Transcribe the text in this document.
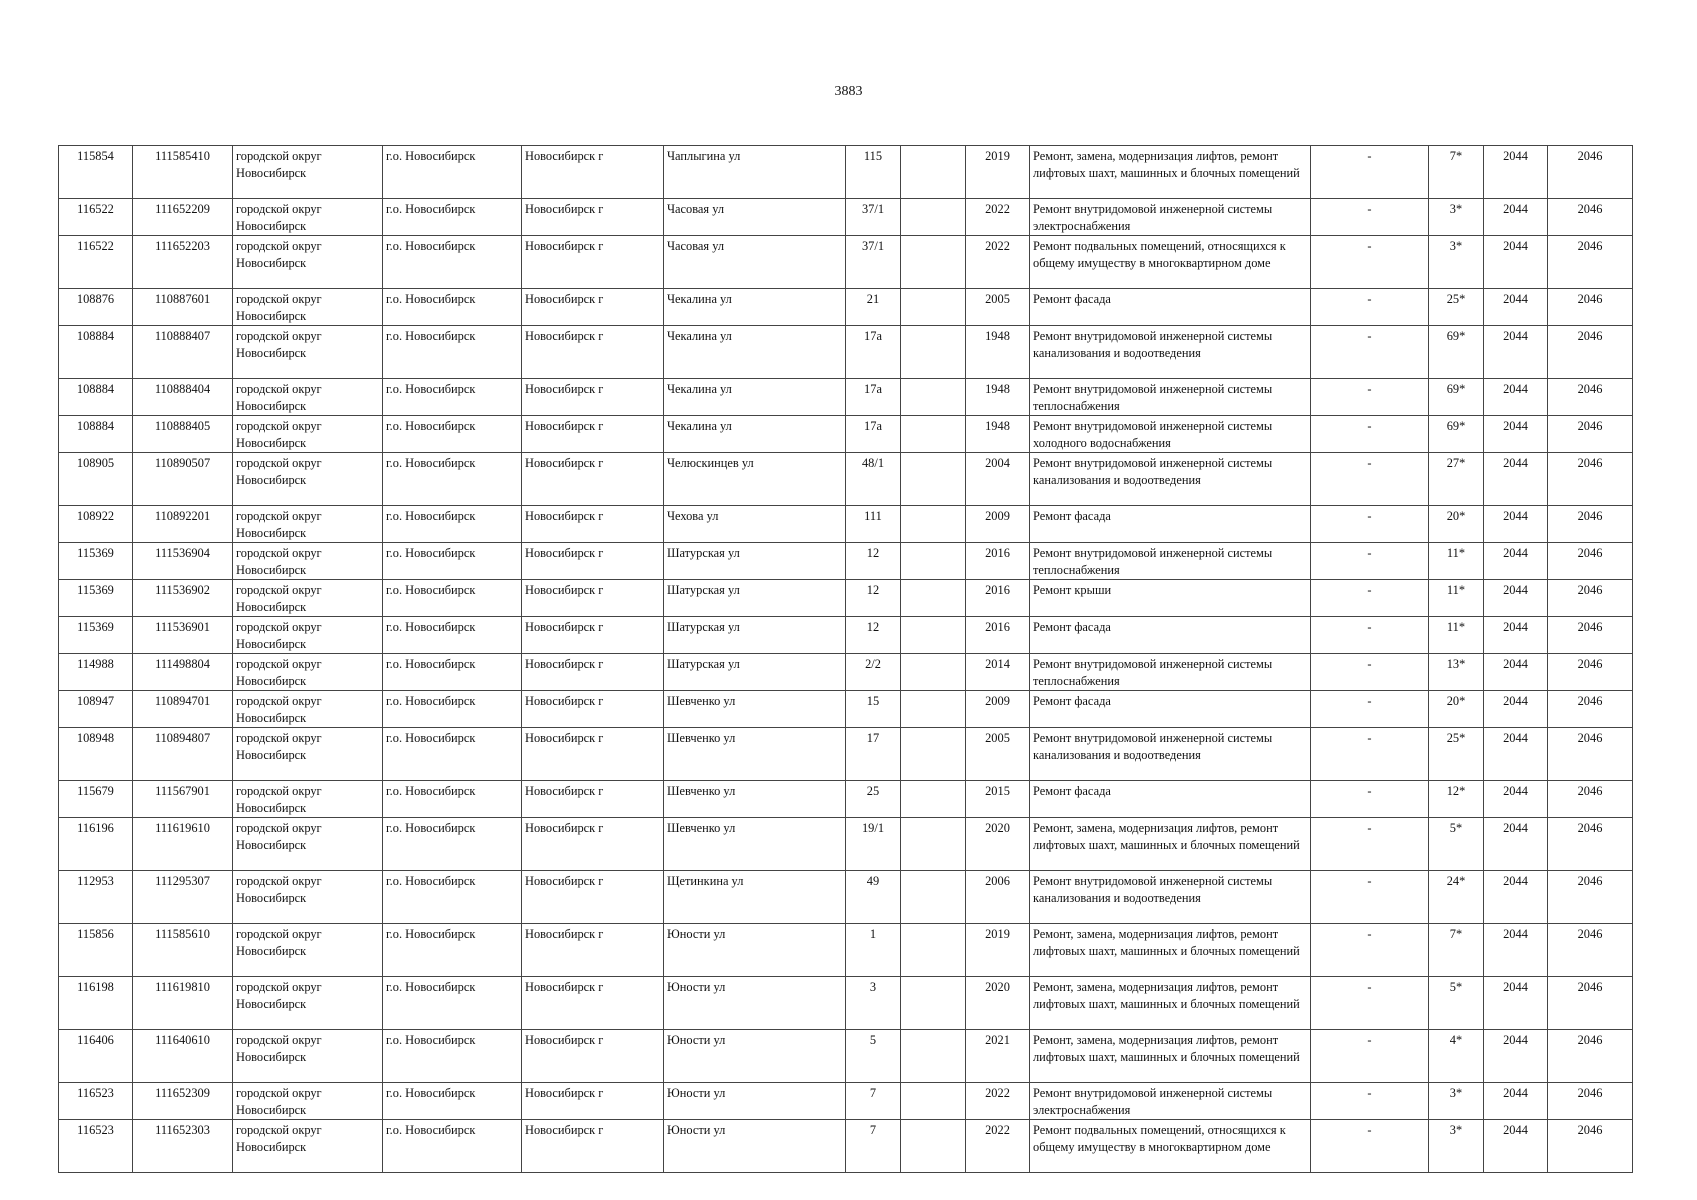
3883
115854	111585410	городской округ Новосибирск	г.о. Новосибирск	Новосибирск г	Чаплыгина ул	115		2019	Ремонт, замена, модернизация лифтов, ремонт лифтовых шахт, машинных и блочных помещений	-	7*	2044	2046
116522	111652209	городской округ Новосибирск	г.о. Новосибирск	Новосибирск г	Часовая ул	37/1		2022	Ремонт внутридомовой инженерной системы электроснабжения	-	3*	2044	2046
116522	111652203	городской округ Новосибирск	г.о. Новосибирск	Новосибирск г	Часовая ул	37/1		2022	Ремонт подвальных помещений, относящихся к общему имуществу в многоквартирном доме	-	3*	2044	2046
108876	110887601	городской округ Новосибирск	г.о. Новосибирск	Новосибирск г	Чекалина ул	21		2005	Ремонт фасада	-	25*	2044	2046
108884	110888407	городской округ Новосибирск	г.о. Новосибирск	Новосибирск г	Чекалина ул	17а		1948	Ремонт внутридомовой инженерной системы канализования и водоотведения	-	69*	2044	2046
108884	110888404	городской округ Новосибирск	г.о. Новосибирск	Новосибирск г	Чекалина ул	17а		1948	Ремонт внутридомовой инженерной системы теплоснабжения	-	69*	2044	2046
108884	110888405	городской округ Новосибирск	г.о. Новосибирск	Новосибирск г	Чекалина ул	17а		1948	Ремонт внутридомовой инженерной системы холодного водоснабжения	-	69*	2044	2046
108905	110890507	городской округ Новосибирск	г.о. Новосибирск	Новосибирск г	Челюскинцев ул	48/1		2004	Ремонт внутридомовой инженерной системы канализования и водоотведения	-	27*	2044	2046
108922	110892201	городской округ Новосибирск	г.о. Новосибирск	Новосибирск г	Чехова ул	111		2009	Ремонт фасада	-	20*	2044	2046
115369	111536904	городской округ Новосибирск	г.о. Новосибирск	Новосибирск г	Шатурская ул	12		2016	Ремонт внутридомовой инженерной системы теплоснабжения	-	11*	2044	2046
115369	111536902	городской округ Новосибирск	г.о. Новосибирск	Новосибирск г	Шатурская ул	12		2016	Ремонт крыши	-	11*	2044	2046
115369	111536901	городской округ Новосибирск	г.о. Новосибирск	Новосибирск г	Шатурская ул	12		2016	Ремонт фасада	-	11*	2044	2046
114988	111498804	городской округ Новосибирск	г.о. Новосибирск	Новосибирск г	Шатурская ул	2/2		2014	Ремонт внутридомовой инженерной системы теплоснабжения	-	13*	2044	2046
108947	110894701	городской округ Новосибирск	г.о. Новосибирск	Новосибирск г	Шевченко ул	15		2009	Ремонт фасада	-	20*	2044	2046
108948	110894807	городской округ Новосибирск	г.о. Новосибирск	Новосибирск г	Шевченко ул	17		2005	Ремонт внутридомовой инженерной системы канализования и водоотведения	-	25*	2044	2046
115679	111567901	городской округ Новосибирск	г.о. Новосибирск	Новосибирск г	Шевченко ул	25		2015	Ремонт фасада	-	12*	2044	2046
116196	111619610	городской округ Новосибирск	г.о. Новосибирск	Новосибирск г	Шевченко ул	19/1		2020	Ремонт, замена, модернизация лифтов, ремонт лифтовых шахт, машинных и блочных помещений	-	5*	2044	2046
112953	111295307	городской округ Новосибирск	г.о. Новосибирск	Новосибирск г	Щетинкина ул	49		2006	Ремонт внутридомовой инженерной системы канализования и водоотведения	-	24*	2044	2046
115856	111585610	городской округ Новосибирск	г.о. Новосибирск	Новосибирск г	Юности ул	1		2019	Ремонт, замена, модернизация лифтов, ремонт лифтовых шахт, машинных и блочных помещений	-	7*	2044	2046
116198	111619810	городской округ Новосибирск	г.о. Новосибирск	Новосибирск г	Юности ул	3		2020	Ремонт, замена, модернизация лифтов, ремонт лифтовых шахт, машинных и блочных помещений	-	5*	2044	2046
116406	111640610	городской округ Новосибирск	г.о. Новосибирск	Новосибирск г	Юности ул	5		2021	Ремонт, замена, модернизация лифтов, ремонт лифтовых шахт, машинных и блочных помещений	-	4*	2044	2046
116523	111652309	городской округ Новосибирск	г.о. Новосибирск	Новосибирск г	Юности ул	7		2022	Ремонт внутридомовой инженерной системы электроснабжения	-	3*	2044	2046
116523	111652303	городской округ Новосибирск	г.о. Новосибирск	Новосибирск г	Юности ул	7		2022	Ремонт подвальных помещений, относящихся к общему имуществу в многоквартирном доме	-	3*	2044	2046
